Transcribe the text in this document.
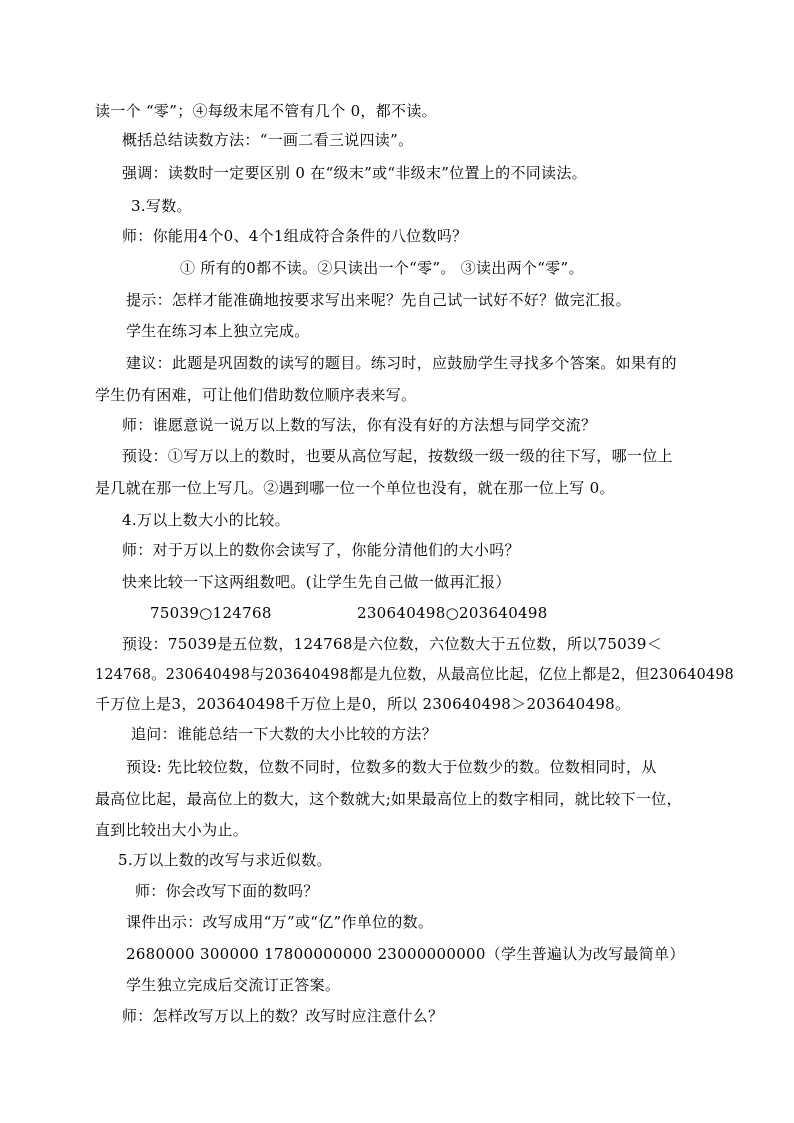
读一个 “零”；④每级末尾不管有几个 0，都不读。
概括总结读数方法：“一画二看三说四读”。
强调：读数时一定要区别 0 在“级末”或“非级末”位置上的不同读法。
3.写数。
师：你能用4个0、4个1组成符合条件的八位数吗？
① 所有的0都不读。②只读出一个“零”。 ③读出两个“零”。
提示：怎样才能准确地按要求写出来呢？先自己试一试好不好？做完汇报。
学生在练习本上独立完成。
建议：此题是巩固数的读写的题目。练习时，应鼓励学生寻找多个答案。如果有的
学生仍有困难，可让他们借助数位顺序表来写。
师：谁愿意说一说万以上数的写法，你有没有好的方法想与同学交流？
预设：①写万以上的数时，也要从高位写起，按数级一级一级的往下写，哪一位上
是几就在那一位上写几。②遇到哪一位一个单位也没有，就在那一位上写 0。
4.万以上数大小的比较。
师：对于万以上的数你会读写了，你能分清他们的大小吗？
快来比较一下这两组数吧。(让学生先自己做一做再汇报）
75039○124768	230640498○203640498
预设：75039是五位数，124768是六位数，六位数大于五位数，所以75039＜
124768。230640498与203640498都是九位数，从最高位比起，亿位上都是2，但230640498
千万位上是3，203640498千万位上是0，所以 230640498＞203640498。
追问：谁能总结一下大数的大小比较的方法？
预设: 先比较位数，位数不同时，位数多的数大于位数少的数。位数相同时，从
最高位比起，最高位上的数大，这个数就大;如果最高位上的数字相同，就比较下一位，
直到比较出大小为止。
5.万以上数的改写与求近似数。
师：你会改写下面的数吗？
课件出示：改写成用“万”或“亿”作单位的数。
2680000 300000 17800000000 23000000000（学生普遍认为改写最简单）
学生独立完成后交流订正答案。
师：怎样改写万以上的数？改写时应注意什么？
